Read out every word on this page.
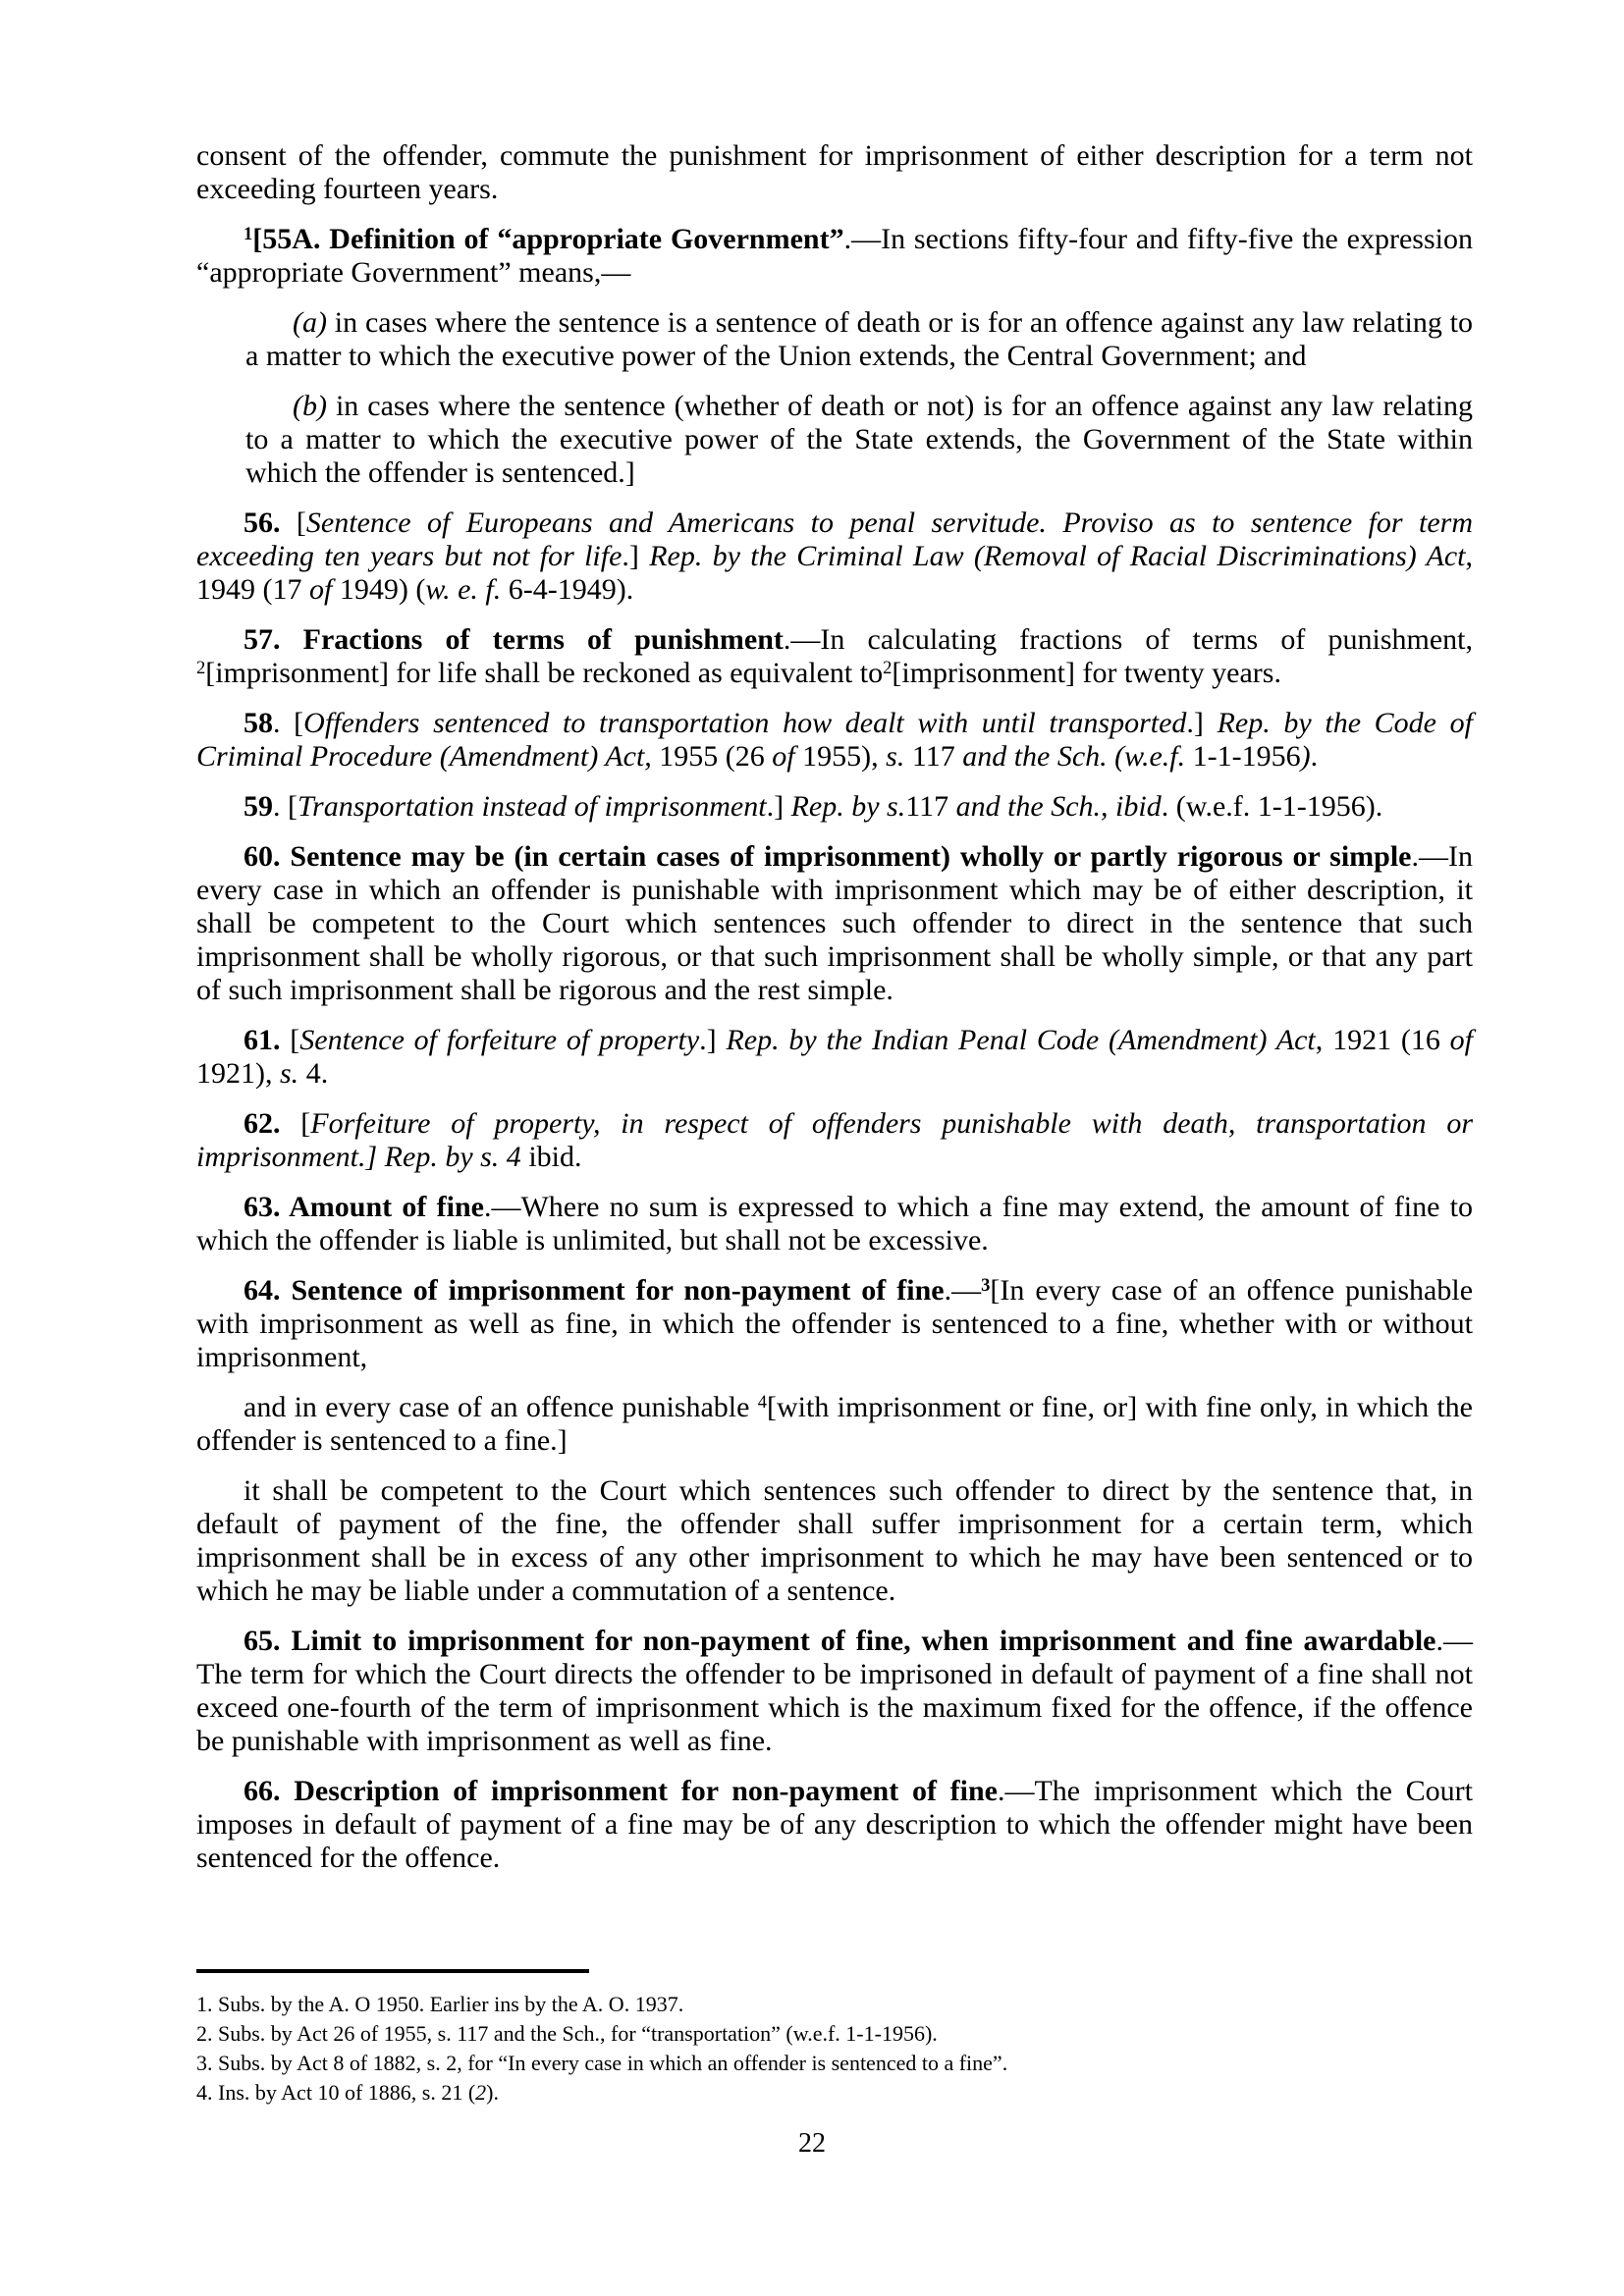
consent of the offender, commute the punishment for imprisonment of either description for a term not exceeding fourteen years.

$^1$[55A. Definition of “appropriate Government”.—In sections fifty-four and fifty-five the expression “appropriate Government” means,—

(a) in cases where the sentence is a sentence of death or is for an offence against any law relating to a matter to which the executive power of the Union extends, the Central Government; and

(b) in cases where the sentence (whether of death or not) is for an offence against any law relating to a matter to which the executive power of the State extends, the Government of the State within which the offender is sentenced.]

56. [Sentence of Europeans and Americans to penal servitude. Proviso as to sentence for term exceeding ten years but not for life.] Rep. by the Criminal Law (Removal of Racial Discriminations) Act, 1949 (17 of 1949) (w. e. f. 6-4-1949).

57. Fractions of terms of punishment.—In calculating fractions of terms of punishment, $^2$[imprisonment] for life shall be reckoned as equivalent $to^2[imprisonment]$ for twenty years.

58. [Offenders sentenced to transportation how dealt with until transported.] Rep. by the Code of Criminal Procedure (Amendment) Act, 1955 (26 of 1955), s. 117 and the Sch. (w.e.f. 1-1-1956).

59. [Transportation instead of imprisonment.] Rep. by s.117 and the Sch., ibid. (w.e.f. 1-1-1956).

60. Sentence may be (in certain cases of imprisonment) wholly or partly rigorous or simple.—In every case in which an offender is punishable with imprisonment which may be of either description, it shall be competent to the Court which sentences such offender to direct in the sentence that such imprisonment shall be wholly rigorous, or that such imprisonment shall be wholly simple, or that any part of such imprisonment shall be rigorous and the rest simple.

61. [Sentence of forfeiture of property.] Rep. by the Indian Penal Code (Amendment) Act, 1921 (16 of 1921), s. 4.

62. [Forfeiture of property, in respect of offenders punishable with death, transportation or imprisonment.] Rep. by s. 4 ibid.

63. Amount of fine.—Where no sum is expressed to which a fine may extend, the amount of fine to which the offender is liable is unlimited, but shall not be excessive.

64. Sentence of imprisonment for non-payment of fine.—$^3$[In every case of an offence punishable with imprisonment as well as fine, in which the offender is sentenced to a fine, whether with or without imprisonment,

and in every case of an offence punishable $^4$[with imprisonment or fine, or] with fine only, in which the offender is sentenced to a fine.]

it shall be competent to the Court which sentences such offender to direct by the sentence that, in default of payment of the fine, the offender shall suffer imprisonment for a certain term, which imprisonment shall be in excess of any other imprisonment to which he may have been sentenced or to which he may be liable under a commutation of a sentence.

65. Limit to imprisonment for non-payment of fine, when imprisonment and fine awardable.—The term for which the Court directs the offender to be imprisoned in default of payment of a fine shall not exceed one-fourth of the term of imprisonment which is the maximum fixed for the offence, if the offence be punishable with imprisonment as well as fine.

66. Description of imprisonment for non-payment of fine.—The imprisonment which the Court imposes in default of payment of a fine may be of any description to which the offender might have been sentenced for the offence.

1. Subs. by the A. O 1950. Earlier ins by the A. O. 1937.

2. Subs. by Act 26 of 1955, s. 117 and the Sch., for “transportation” (w.e.f. 1-1-1956).

3. Subs. by Act 8 of 1882, s. 2, for “In every case in which an offender is sentenced to a fine”.

4. Ins. by Act 10 of 1886, s. 21 (2).

22
